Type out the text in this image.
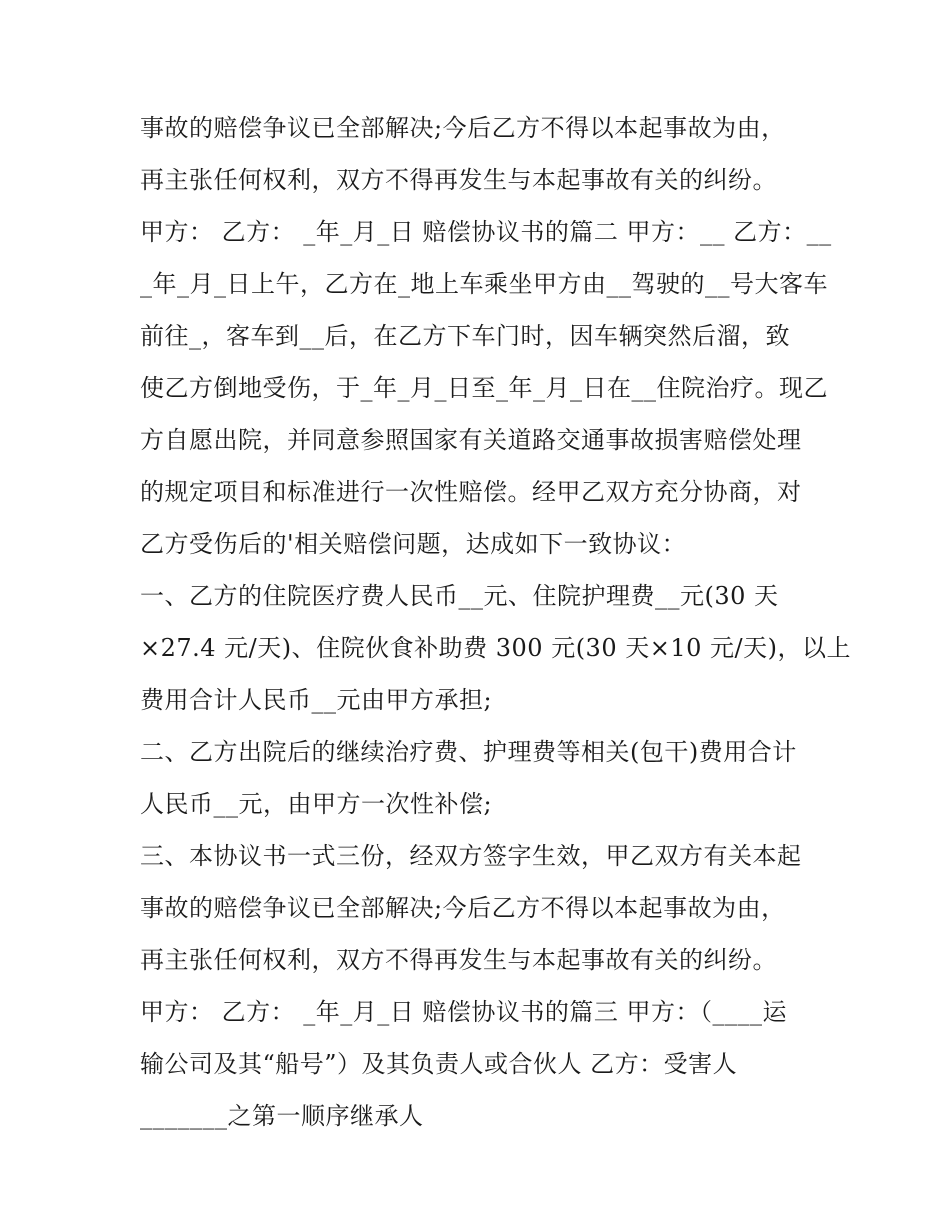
事故的赔偿争议已全部解决;今后乙方不得以本起事故为由，
再主张任何权利，双方不得再发生与本起事故有关的纠纷。
甲方： 乙方： _年_月_日 赔偿协议书的篇二 甲方：__ 乙方：__
_年_月_日上午，乙方在_地上车乘坐甲方由__驾驶的__号大客车
前往_，客车到__后，在乙方下车门时，因车辆突然后溜，致
使乙方倒地受伤，于_年_月_日至_年_月_日在__住院治疗。现乙
方自愿出院，并同意参照国家有关道路交通事故损害赔偿处理
的规定项目和标准进行一次性赔偿。经甲乙双方充分协商，对
乙方受伤后的'相关赔偿问题，达成如下一致协议：
一、乙方的住院医疗费人民币__元、住院护理费__元(30 天
×27.4 元/天)、住院伙食补助费 300 元(30 天×10 元/天)，以上
费用合计人民币__元由甲方承担;
二、乙方出院后的继续治疗费、护理费等相关(包干)费用合计
人民币__元，由甲方一次性补偿;
三、本协议书一式三份，经双方签字生效，甲乙双方有关本起
事故的赔偿争议已全部解决;今后乙方不得以本起事故为由，
再主张任何权利，双方不得再发生与本起事故有关的纠纷。
甲方： 乙方： _年_月_日 赔偿协议书的篇三 甲方：（____运
输公司及其“船号”）及其负责人或合伙人 乙方：受害人
_______之第一顺序继承人
